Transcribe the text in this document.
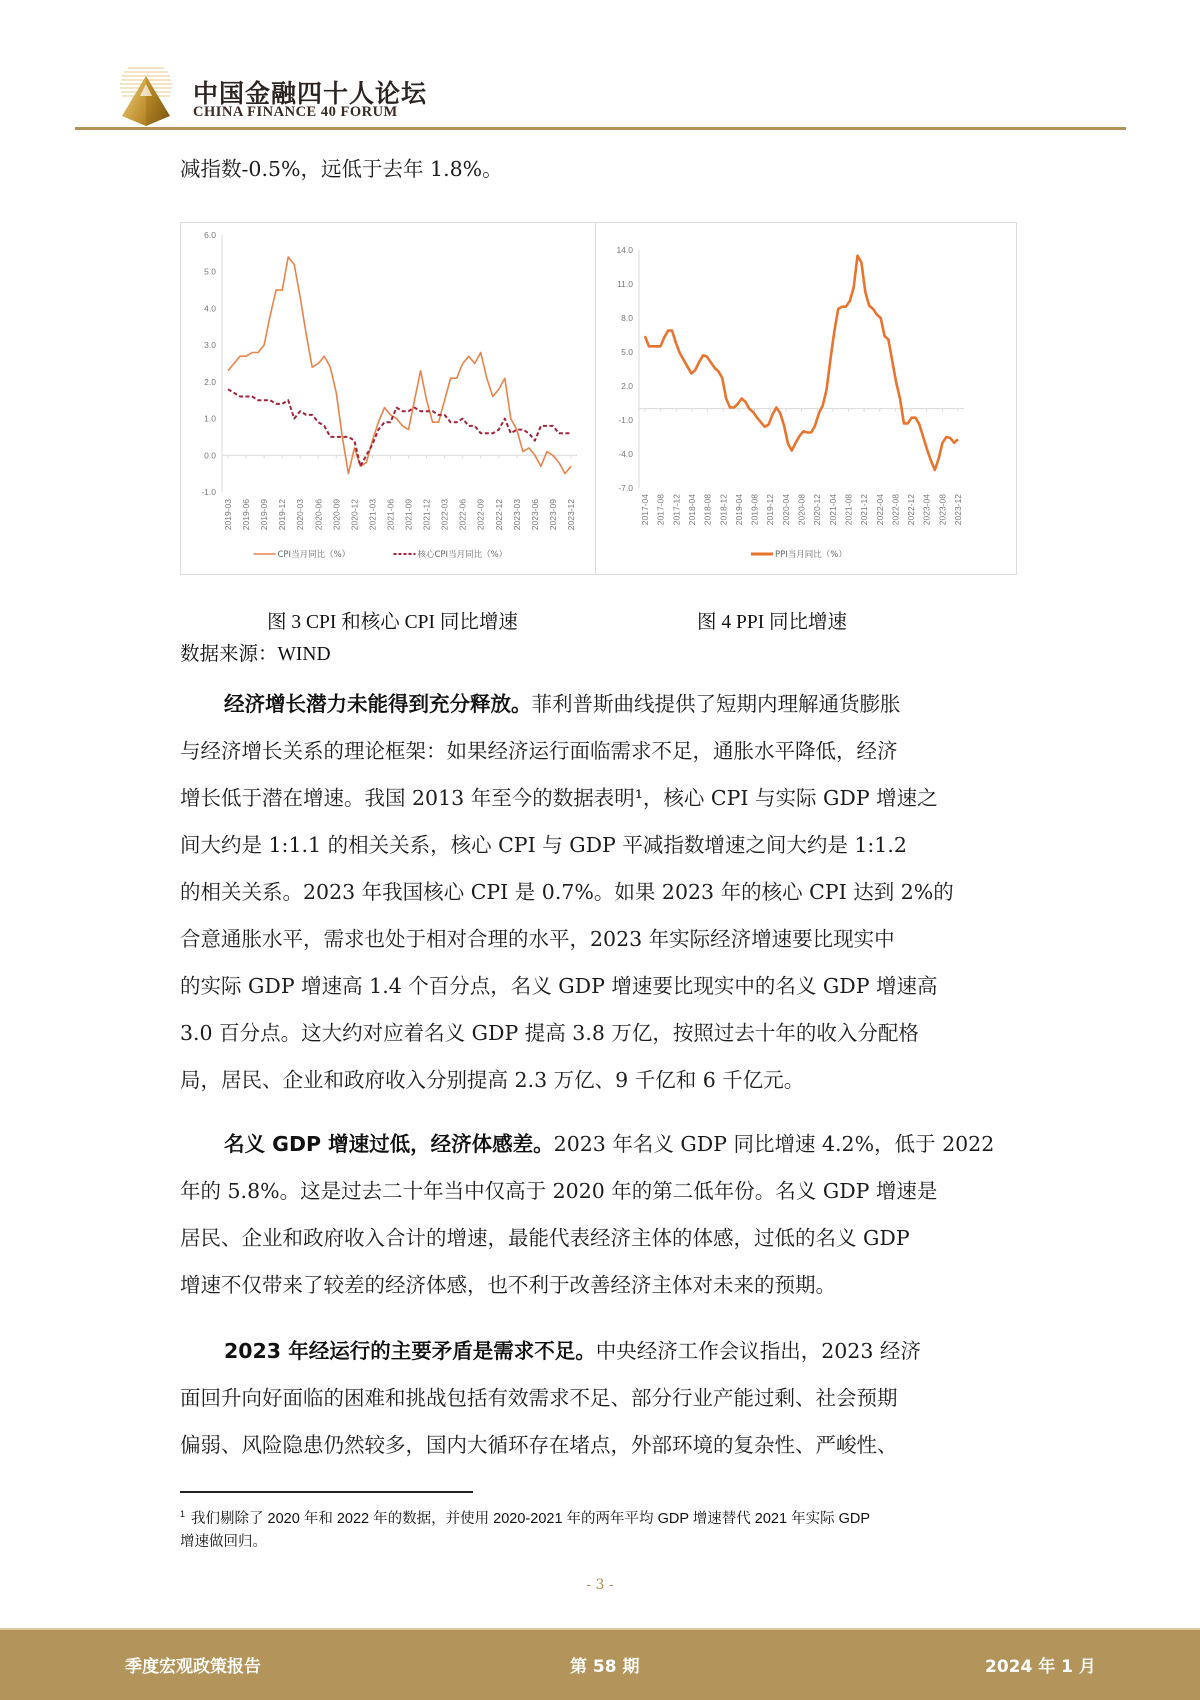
中国金融四十人论坛
CHINA FINANCE 40 FORUM
减指数-0.5%，远低于去年 1.8%。
6.0
5.0
4.0
3.0
2.0
1.0
0.0
-1.0
2019-03 2019-06 2019-09 2019-12 2020-03 2020-06 2020-09 2020-12 2021-03 2021-06 2021-09 2021-12 2022-03 2022-06 2022-09 2022-12 2023-03 2023-06 2023-09 2023-12
CPI当月同比（%）	核心CPI当月同比（%）
14.0
11.0
8.0
5.0
2.0
-1.0
-4.0
-7.0
2017-04 2017-08 2017-12 2018-04 2018-08 2018-12 2019-04 2019-08 2019-12 2020-04 2020-08 2020-12 2021-04 2021-08 2021-12 2022-04 2022-08 2022-12 2023-04 2023-08 2023-12
PPI当月同比（%）
图 3 CPI 和核心 CPI 同比增速	图 4 PPI 同比增速
数据来源：WIND

经济增长潜力未能得到充分释放。菲利普斯曲线提供了短期内理解通货膨胀

与经济增长关系的理论框架：如果经济运行面临需求不足，通胀水平降低，经济

增长低于潜在增速。我国 2013 年至今的数据表明¹，核心 CPI 与实际 GDP 增速之

间大约是 1:1.1 的相关关系，核心 CPI 与 GDP 平减指数增速之间大约是 1:1.2

的相关关系。2023 年我国核心 CPI 是 0.7%。如果 2023 年的核心 CPI 达到 2%的

合意通胀水平，需求也处于相对合理的水平，2023 年实际经济增速要比现实中

的实际 GDP 增速高 1.4 个百分点，名义 GDP 增速要比现实中的名义 GDP 增速高

3.0 百分点。这大约对应着名义 GDP 提高 3.8 万亿，按照过去十年的收入分配格

局，居民、企业和政府收入分别提高 2.3 万亿、9 千亿和 6 千亿元。

名义 GDP 增速过低，经济体感差。2023 年名义 GDP 同比增速 4.2%，低于 2022

年的 5.8%。这是过去二十年当中仅高于 2020 年的第二低年份。名义 GDP 增速是

居民、企业和政府收入合计的增速，最能代表经济主体的体感，过低的名义 GDP

增速不仅带来了较差的经济体感，也不利于改善经济主体对未来的预期。

2023 年经运行的主要矛盾是需求不足。中央经济工作会议指出，2023 经济

面回升向好面临的困难和挑战包括有效需求不足、部分行业产能过剩、社会预期

偏弱、风险隐患仍然较多，国内大循环存在堵点，外部环境的复杂性、严峻性、

$^1$ 我们剔除了 2020 年和 2022 年的数据，并使用 2020-2021 年的两年平均 GDP 增速替代 2021 年实际 GDP
增速做回归。
- 3 -
季度宏观政策报告	第 58 期	2024 年 1 月
